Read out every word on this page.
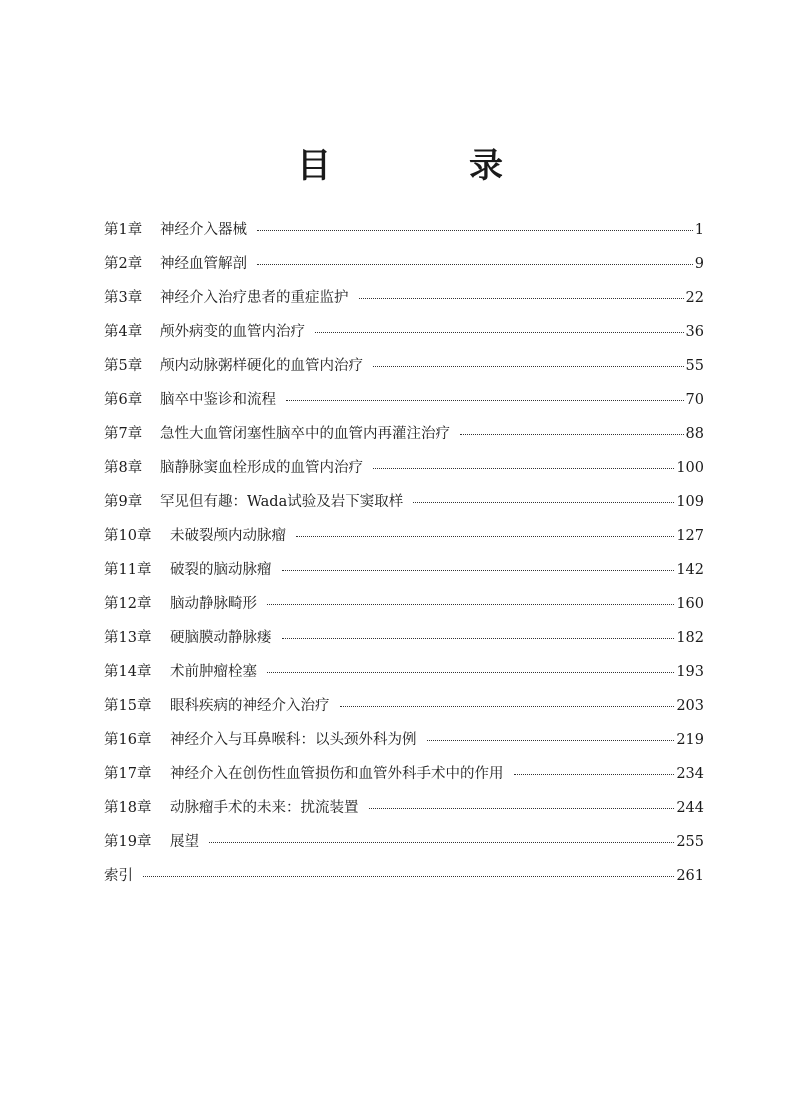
目　录
第1章	神经介入器械	1
第2章	神经血管解剖	9
第3章	神经介入治疗患者的重症监护	22
第4章	颅外病变的血管内治疗	36
第5章	颅内动脉粥样硬化的血管内治疗	55
第6章	脑卒中鉴诊和流程	70
第7章	急性大血管闭塞性脑卒中的血管内再灌注治疗	88
第8章	脑静脉窦血栓形成的血管内治疗	100
第9章	罕见但有趣：Wada试验及岩下窦取样	109
第10章	未破裂颅内动脉瘤	127
第11章	破裂的脑动脉瘤	142
第12章	脑动静脉畸形	160
第13章	硬脑膜动静脉瘘	182
第14章	术前肿瘤栓塞	193
第15章	眼科疾病的神经介入治疗	203
第16章	神经介入与耳鼻喉科：以头颈外科为例	219
第17章	神经介入在创伤性血管损伤和血管外科手术中的作用	234
第18章	动脉瘤手术的未来：扰流装置	244
第19章	展望	255
索引	261
